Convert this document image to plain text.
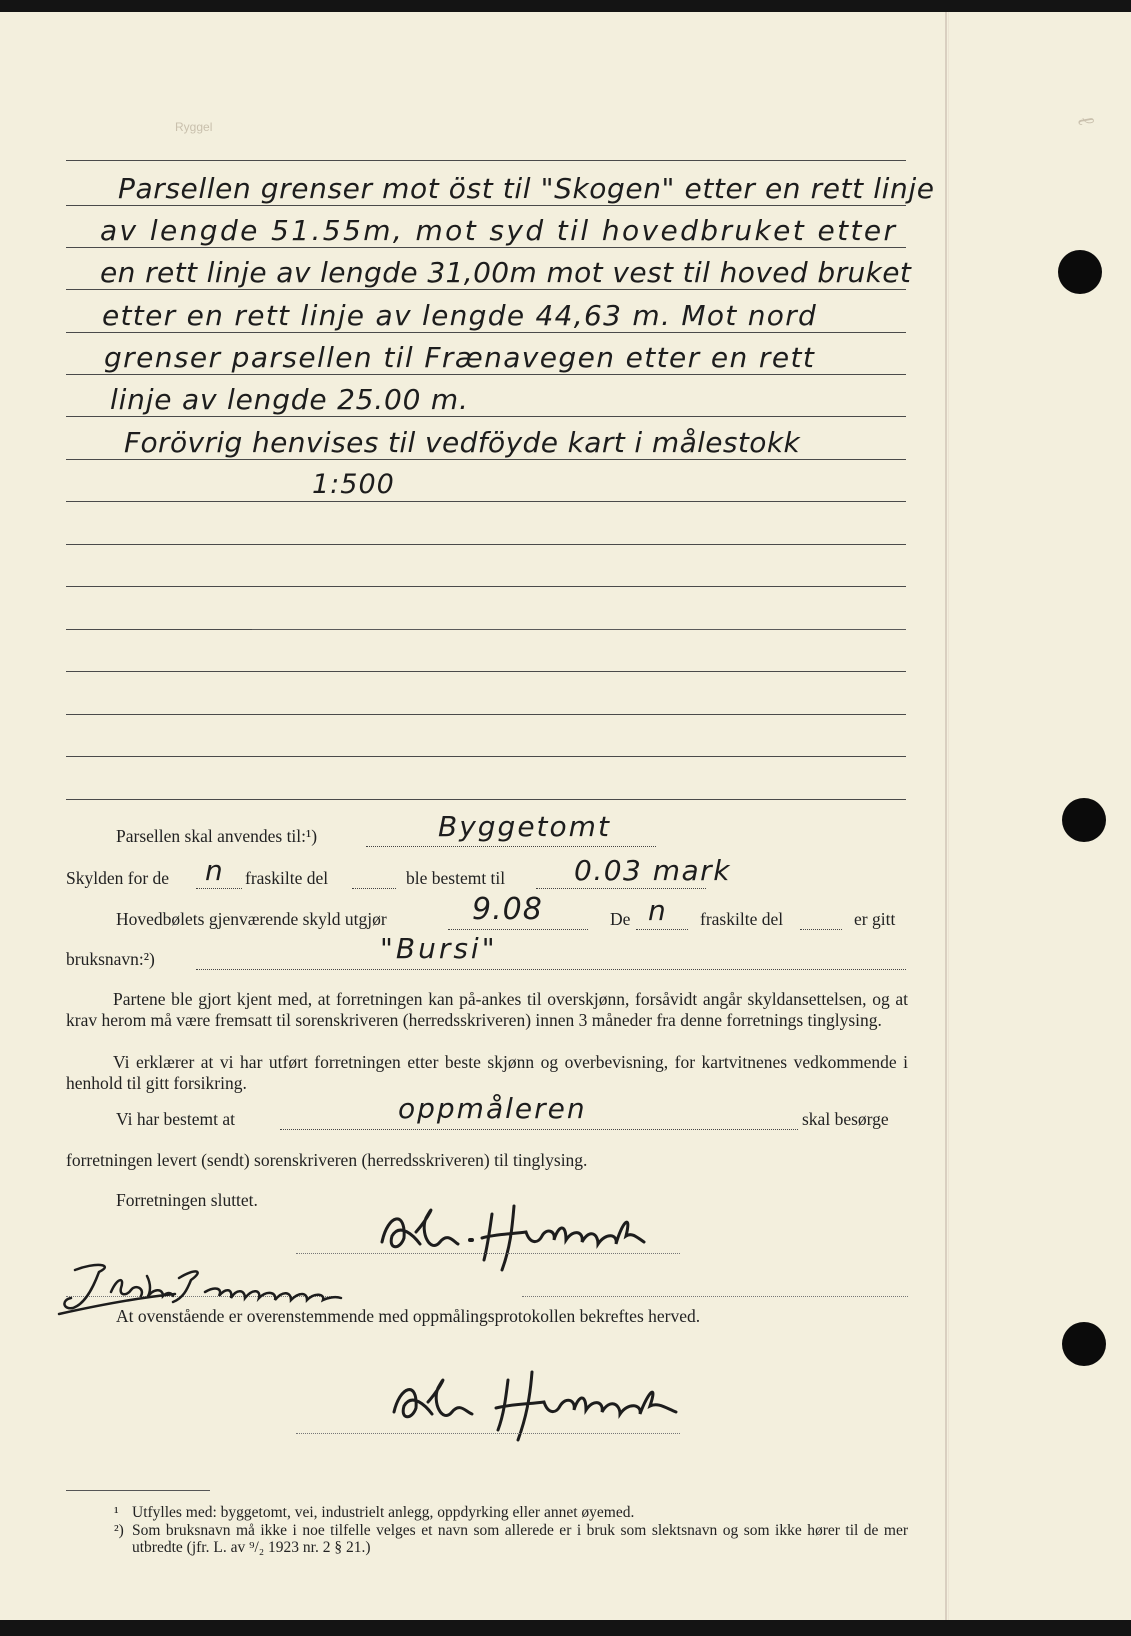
Ryggel	ℓ
Parsellen grenser mot öst til "Skogen" etter en rett linje
av lengde 51.55m, mot syd til hovedbruket etter
en rett linje av lengde 31,00m mot vest til hoved bruket
etter en rett linje av lengde 44,63 m. Mot nord
grenser parsellen til Frænavegen etter en rett
linje av lengde 25.00 m.
Forövrig henvises til vedföyde kart i målestokk
1:500
Parsellen skal anvendes til:¹)	Byggetomt
Skylden for de n fraskilte del	ble bestemt til 0.03 mark
Hovedbølets gjenværende skyld utgjør	9.08	De n fraskilte del	er gitt
bruksnavn:²)	"Bursi"
Partene ble gjort kjent med, at forretningen kan på-ankes til overskjønn, forsåvidt angår skyldansettelsen, og at krav herom må være fremsatt til sorenskriveren (herredsskriveren) innen 3 måneder fra denne forretnings tinglysing.
Vi erklærer at vi har utført forretningen etter beste skjønn og overbevisning, for kartvitnenes vedkommende i henhold til gitt forsikring.
Vi har bestemt at	oppmåleren	skal besørge
forretningen levert (sendt) sorenskriveren (herredsskriveren) til tinglysing.
Forretningen sluttet.
At ovenstående er overenstemmende med oppmålingsprotokollen bekreftes herved.
¹ Utfylles med: byggetomt, vei, industrielt anlegg, oppdyrking eller annet øyemed.
²) Som bruksnavn må ikke i noe tilfelle velges et navn som allerede er i bruk som slektsnavn og som ikke hører til de mer utbredte (jfr. L. av ⁹/₂ 1923 nr. 2 § 21.)
